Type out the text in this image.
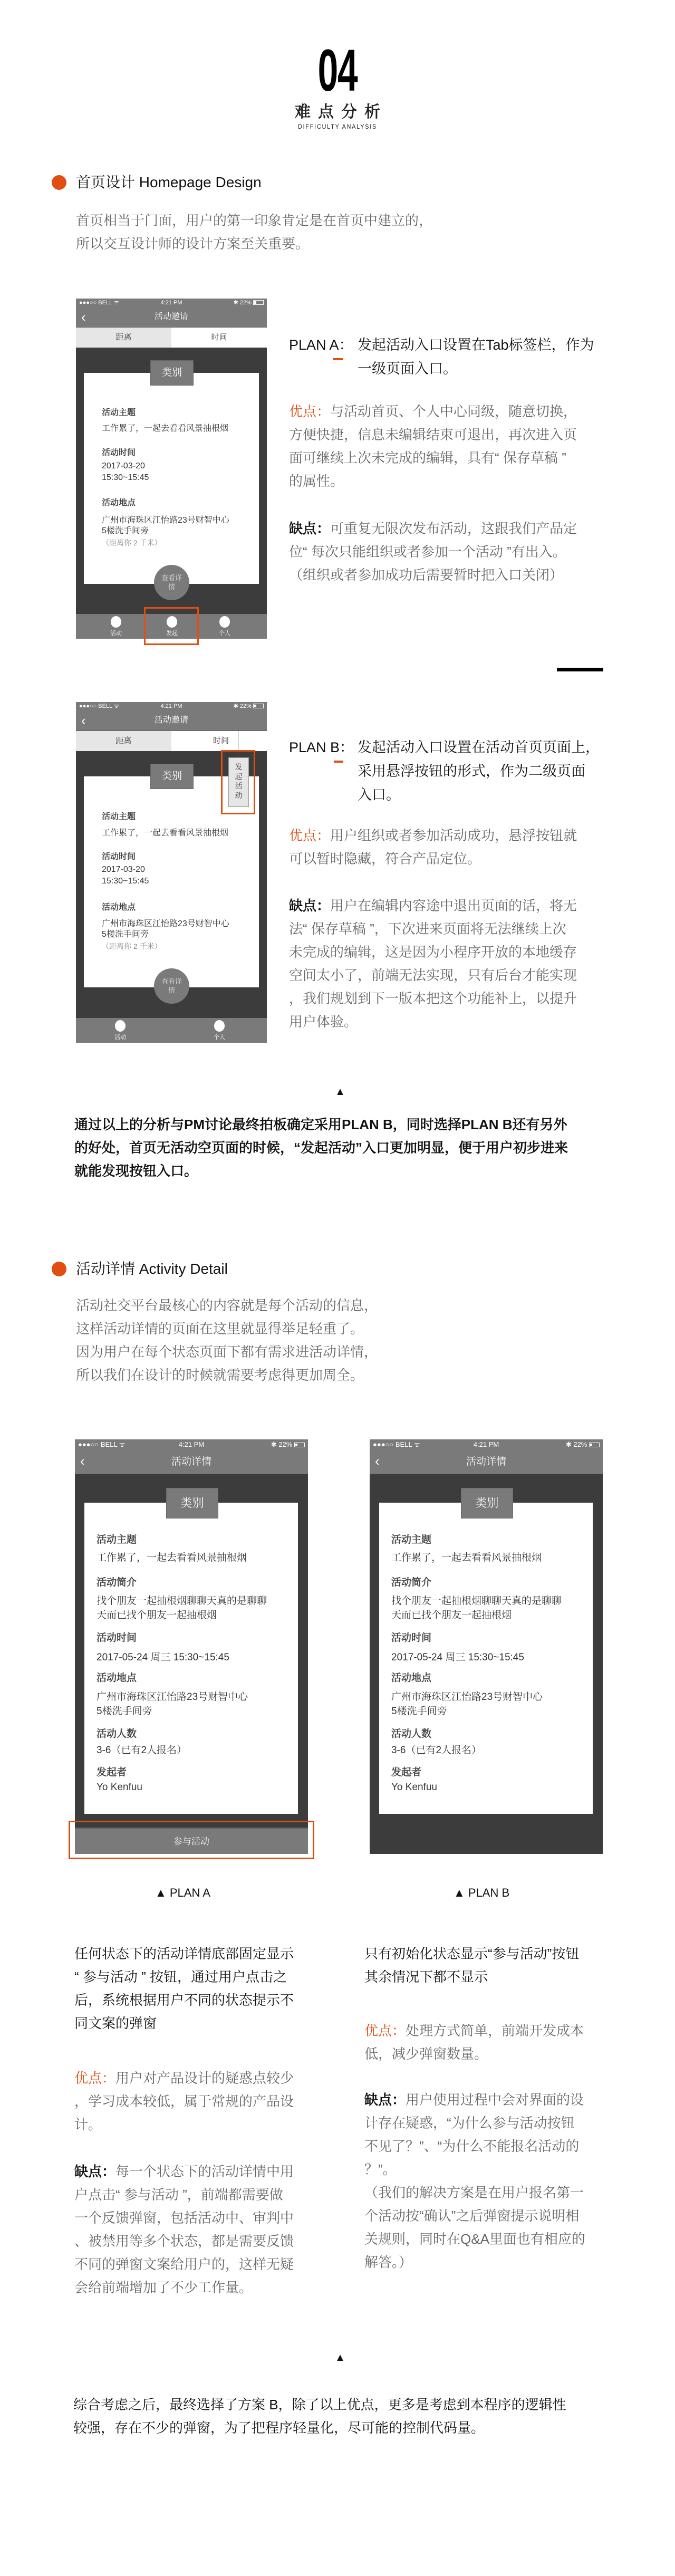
04
难点分析
DIFFICULTY ANALYSIS
首页设计 Homepage Design
首页相当于门面，用户的第一印象肯定是在首页中建立的，
所以交互设计师的设计方案至关重要。
●●●○○ BELL ᯤ	4:21 PM	✱ 22%
‹	活动邀请
距离	时间
类别
活动主题
工作累了，一起去看看风景抽根烟
活动时间
2017-03-20
15:30~15:45
活动地点
广州市海珠区江怡路23号财智中心
5楼洗手间旁
（距离你 2 千米）
查看详情
活动	发起	个人
PLAN A： 发起活动入口设置在Tab标签栏，作为
一级页面入口。
优点：与活动首页、个人中心同级，随意切换，
方便快捷，信息未编辑结束可退出，再次进入页
面可继续上次未完成的编辑，具有“ 保存草稿 ”
的属性。
缺点：可重复无限次发布活动，这跟我们产品定
位“ 每次只能组织或者参加一个活动 ”有出入。
（组织或者参加成功后需要暂时把入口关闭）
●●●○○ BELL ᯤ	4:21 PM	✱ 22%
‹	活动邀请
距离	时间
类别
发起活动
活动主题
工作累了，一起去看看风景抽根烟
活动时间
2017-03-20
15:30~15:45
活动地点
广州市海珠区江怡路23号财智中心
5楼洗手间旁
（距离你 2 千米）
查看详情
活动	个人
PLAN B： 发起活动入口设置在活动首页页面上，
采用悬浮按钮的形式，作为二级页面
入口。
优点：用户组织或者参加活动成功，悬浮按钮就
可以暂时隐藏，符合产品定位。
缺点：用户在编辑内容途中退出页面的话，将无
法“ 保存草稿 ”，下次进来页面将无法继续上次
未完成的编辑，这是因为小程序开放的本地缓存
空间太小了，前端无法实现，只有后台才能实现
，我们规划到下一版本把这个功能补上，以提升
用户体验。
▲
通过以上的分析与PM讨论最终拍板确定采用PLAN B，同时选择PLAN B还有另外
的好处，首页无活动空页面的时候，“发起活动”入口更加明显，便于用户初步进来
就能发现按钮入口。
活动详情 Activity Detail
活动社交平台最核心的内容就是每个活动的信息，
这样活动详情的页面在这里就显得举足轻重了。
因为用户在每个状态页面下都有需求进活动详情，
所以我们在设计的时候就需要考虑得更加周全。
●●●○○ BELL ᯤ	4:21 PM	✱ 22%
‹	活动详情
类别
活动主题
工作累了，一起去看看风景抽根烟
活动简介
找个朋友一起抽根烟聊聊天真的是聊聊
天而已找个朋友一起抽根烟
活动时间
2017-05-24 周三 15:30~15:45
活动地点
广州市海珠区江怡路23号财智中心
5楼洗手间旁
活动人数
3-6（已有2人报名）
发起者
Yo Kenfuu
参与活动
●●●○○ BELL ᯤ	4:21 PM	✱ 22%
‹	活动详情
类别
活动主题
工作累了，一起去看看风景抽根烟
活动简介
找个朋友一起抽根烟聊聊天真的是聊聊
天而已找个朋友一起抽根烟
活动时间
2017-05-24 周三 15:30~15:45
活动地点
广州市海珠区江怡路23号财智中心
5楼洗手间旁
活动人数
3-6（已有2人报名）
发起者
Yo Kenfuu
▲ PLAN A	▲ PLAN B
任何状态下的活动详情底部固定显示
“ 参与活动 ” 按钮，通过用户点击之
后，系统根据用户不同的状态提示不
同文案的弹窗
优点：用户对产品设计的疑惑点较少
，学习成本较低，属于常规的产品设
计。
缺点：每一个状态下的活动详情中用
户点击“ 参与活动 ”，前端都需要做
一个反馈弹窗，包括活动中、审判中
、被禁用等多个状态，都是需要反馈
不同的弹窗文案给用户的，这样无疑
会给前端增加了不少工作量。
只有初始化状态显示“参与活动”按钮
其余情况下都不显示
优点：处理方式简单，前端开发成本
低，减少弹窗数量。
缺点：用户使用过程中会对界面的设
计存在疑惑，“为什么参与活动按钮
不见了？”、“为什么不能报名活动的
？”。
（我们的解决方案是在用户报名第一
个活动按“确认”之后弹窗提示说明相
关规则，同时在Q&A里面也有相应的
解答。）
▲
综合考虑之后，最终选择了方案 B，除了以上优点，更多是考虑到本程序的逻辑性
较强，存在不少的弹窗，为了把程序轻量化，尽可能的控制代码量。
